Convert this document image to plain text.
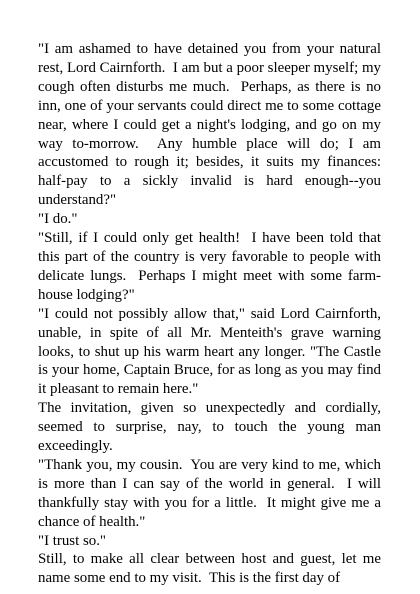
"I am ashamed to have detained you from your natural rest, Lord Cairnforth.  I am but a poor sleeper myself; my cough often disturbs me much.  Perhaps, as there is no inn, one of your servants could direct me to some cottage near, where I could get a night's lodging, and go on my way to-morrow.  Any humble place will do; I am accustomed to rough it; besides, it suits my finances: half-pay to a sickly invalid is hard enough--you understand?"

"I do."

"Still, if I could only get health!  I have been told that this part of the country is very favorable to people with delicate lungs.  Perhaps I might meet with some farm-house lodging?"

"I could not possibly allow that," said Lord Cairnforth, unable, in spite of all Mr. Menteith's grave warning looks, to shut up his warm heart any longer. "The Castle is your home, Captain Bruce, for as long as you may find it pleasant to remain here."

The invitation, given so unexpectedly and cordially, seemed to surprise, nay, to touch the young man exceedingly.

"Thank you, my cousin.  You are very kind to me, which is more than I can say of the world in general.  I will thankfully stay with you for a little.  It might give me a chance of health."

"I trust so."

Still, to make all clear between host and guest, let me name some end to my visit.  This is the first day of
